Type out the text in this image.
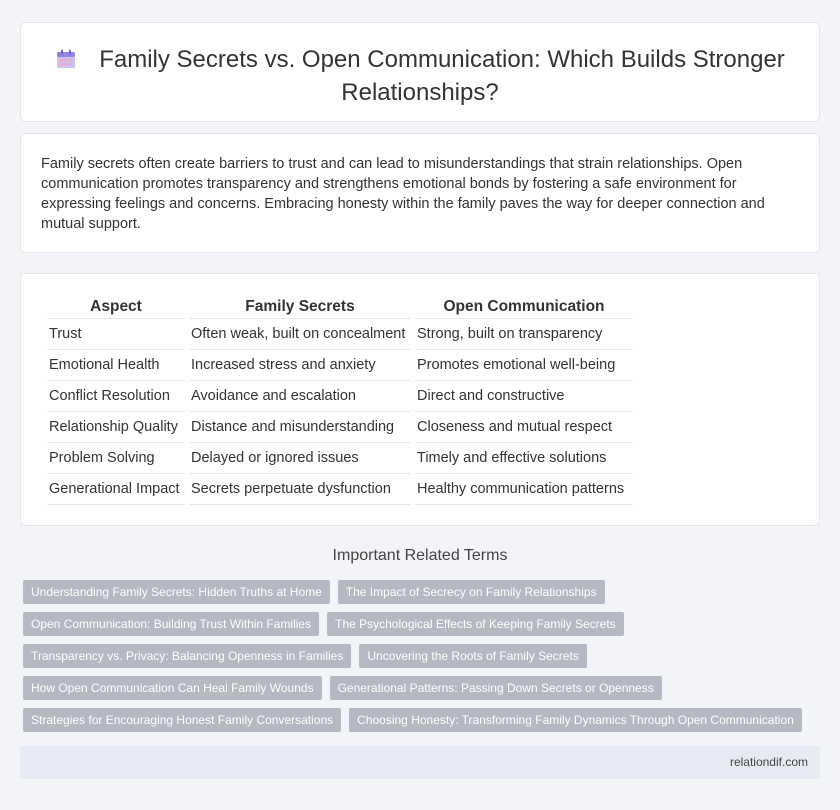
Family Secrets vs. Open Communication: Which Builds Stronger Relationships?

Family secrets often create barriers to trust and can lead to misunderstandings that strain relationships. Open communication promotes transparency and strengthens emotional bonds by fostering a safe environment for expressing feelings and concerns. Embracing honesty within the family paves the way for deeper connection and mutual support.

Aspect	Family Secrets	Open Communication
Trust	Often weak, built on concealment	Strong, built on transparency
Emotional Health	Increased stress and anxiety	Promotes emotional well-being
Conflict Resolution	Avoidance and escalation	Direct and constructive
Relationship Quality	Distance and misunderstanding	Closeness and mutual respect
Problem Solving	Delayed or ignored issues	Timely and effective solutions
Generational Impact	Secrets perpetuate dysfunction	Healthy communication patterns
Important Related Terms
Understanding Family Secrets: Hidden Truths at Home	The Impact of Secrecy on Family Relationships
Open Communication: Building Trust Within Families	The Psychological Effects of Keeping Family Secrets
Transparency vs. Privacy: Balancing Openness in Families	Uncovering the Roots of Family Secrets
How Open Communication Can Heal Family Wounds	Generational Patterns: Passing Down Secrets or Openness
Strategies for Encouraging Honest Family Conversations	Choosing Honesty: Transforming Family Dynamics Through Open Communication
relationdif.com
